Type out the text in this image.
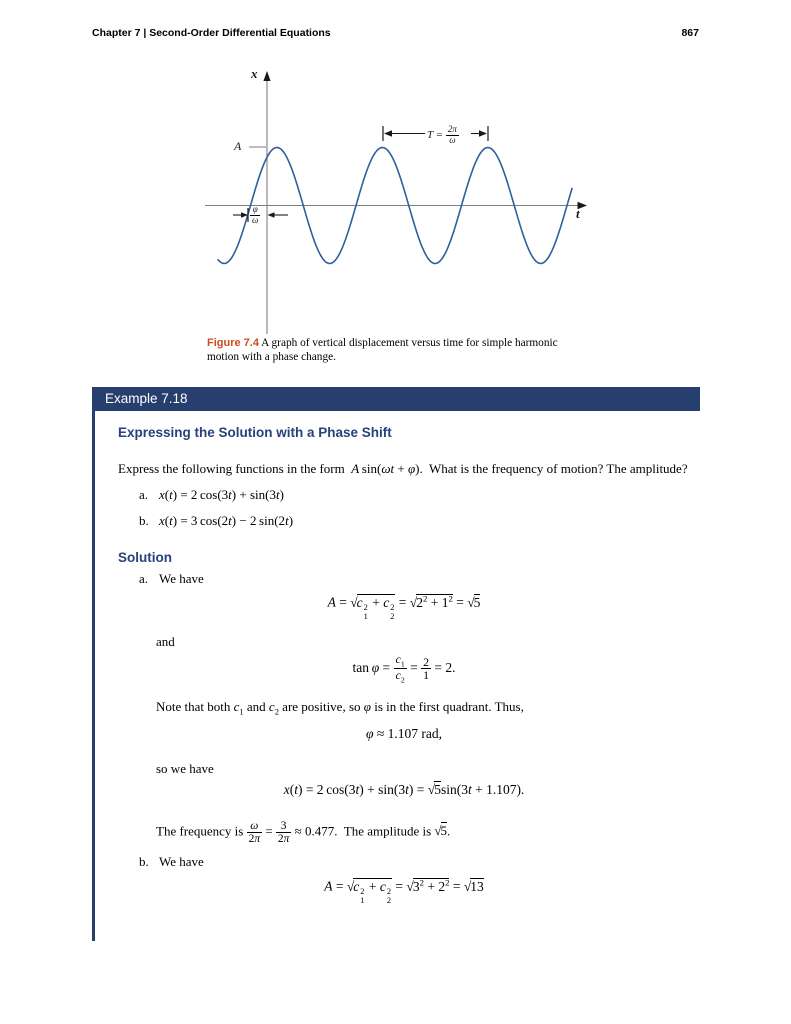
Chapter 7 | Second-Order Differential Equations	867
x
t
A
$T = \frac{2\pi}{\omega}$
$\frac{\varphi}{\omega}$
Figure 7.4 A graph of vertical displacement versus time for simple harmonic motion with a phase change.
Example 7.18
Expressing the Solution with a Phase Shift
Express the following functions in the form  A sin(ωt + φ).  What is the frequency of motion? The amplitude?
a. x(t) = 2 cos(3t) + sin(3t)
b. x(t) = 3 cos(2t) − 2 sin(2t)
Solution
a. We have
A = √c 2
1
+ c 2
2
= $√2^2 + 1^2 = √5$
and
$\tan \varphi = \frac{c_1}{c_2} = \frac{2}{1} = 2$.
Note that both $c_1$ and $c_2$ are positive, so φ is in the first quadrant. Thus,
φ ≈ 1.107 rad,
so we have
x(t) = 2 cos(3t) + sin(3t) = √5sin(3t + 1.107).
The frequency is $\frac{\omega}{2\pi} = \frac{3}{2\pi} \approx 0.477$.  The amplitude is √5.
b. We have
A = √c 2
1
+ c 2
2
= $√3^2 + 2^2 = √13$
